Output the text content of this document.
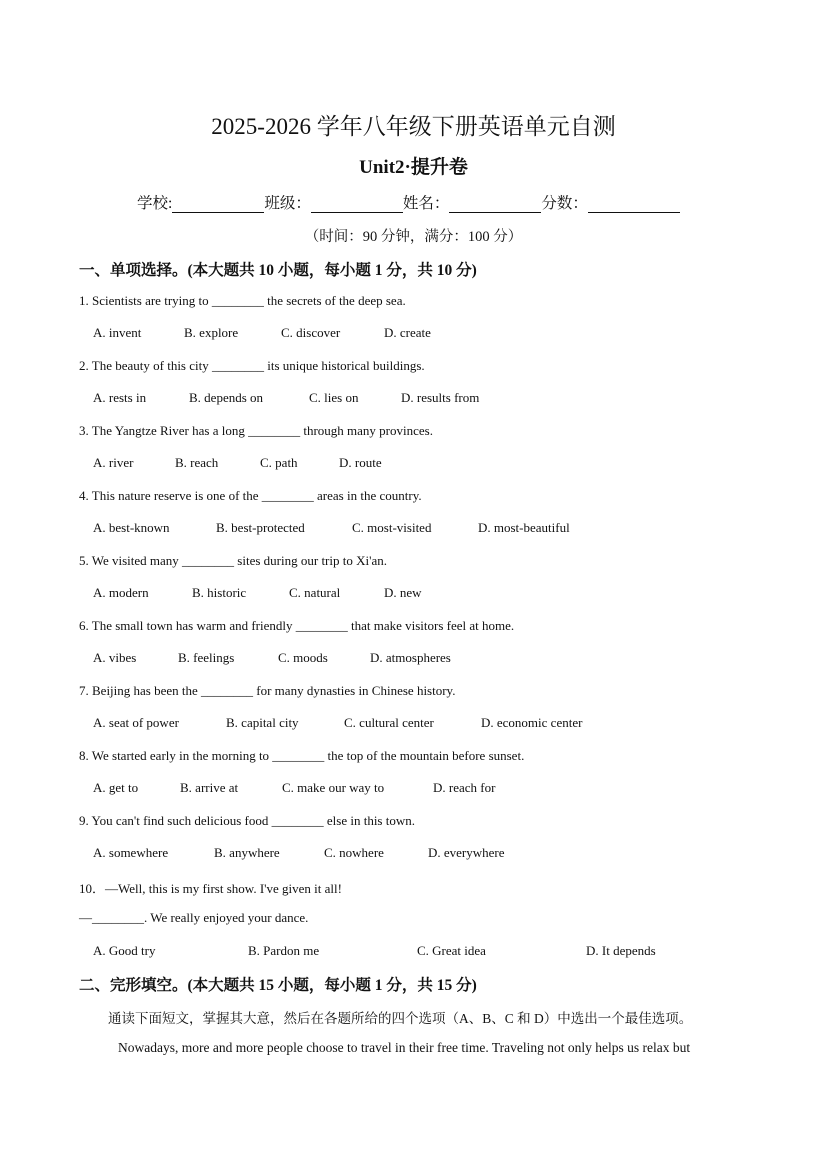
2025-2026 学年八年级下册英语单元自测
Unit2·提升卷
学校:	班级：	姓名：	分数：
（时间：90 分钟，满分：100 分）
一、单项选择。(本大题共 10 小题，每小题 1 分，共 10 分)
1. Scientists are trying to ________ the secrets of the deep sea.
A. invent	B. explore	C. discover	D. create
2. The beauty of this city ________ its unique historical buildings.
A. rests in	B. depends on	C. lies on	D. results from
3. The Yangtze River has a long ________ through many provinces.
A. river	B. reach	C. path	D. route
4. This nature reserve is one of the ________ areas in the country.
A. best-known	B. best-protected	C. most-visited	D. most-beautiful
5. We visited many ________ sites during our trip to Xi'an.
A. modern	B. historic	C. natural	D. new
6. The small town has warm and friendly ________ that make visitors feel at home.
A. vibes	B. feelings	C. moods	D. atmospheres
7. Beijing has been the ________ for many dynasties in Chinese history.
A. seat of power	B. capital city	C. cultural center	D. economic center
8. We started early in the morning to ________ the top of the mountain before sunset.
A. get to	B. arrive at	C. make our way to	D. reach for
9. You can't find such delicious food ________ else in this town.
A. somewhere	B. anywhere	C. nowhere	D. everywhere
10．—Well, this is my first show. I've given it all!
—________. We really enjoyed your dance.
A. Good try	B. Pardon me	C. Great idea	D. It depends
二、完形填空。(本大题共 15 小题，每小题 1 分，共 15 分)
通读下面短文，掌握其大意，然后在各题所给的四个选项（A、B、C 和 D）中选出一个最佳选项。
Nowadays, more and more people choose to travel in their free time. Traveling not only helps us relax but
